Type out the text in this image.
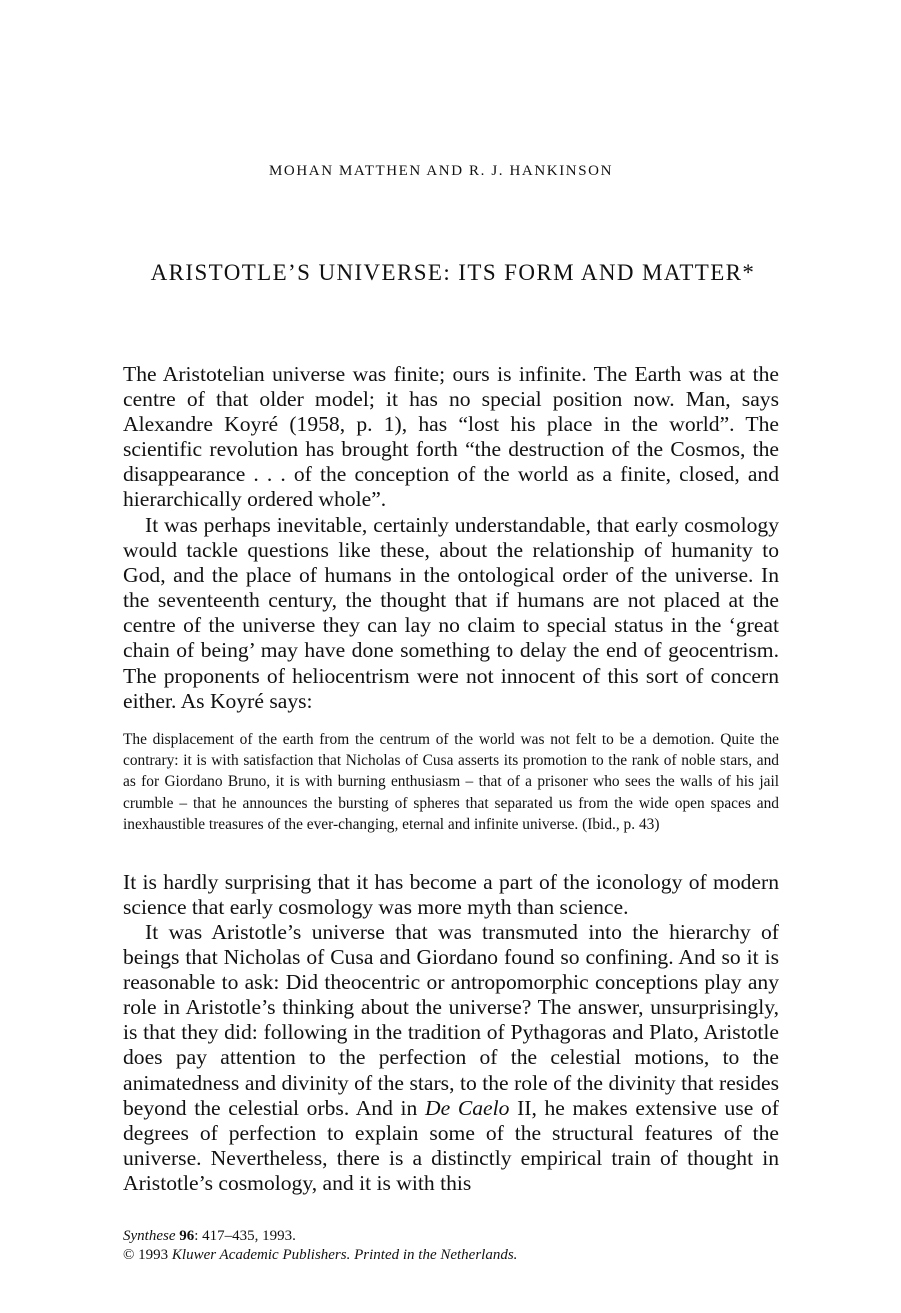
MOHAN MATTHEN AND R. J. HANKINSON
ARISTOTLE’S UNIVERSE: ITS FORM AND MATTER*

The Aristotelian universe was finite; ours is infinite. The Earth was at the centre of that older model; it has no special position now. Man, says Alexandre Koyré (1958, p. 1), has “lost his place in the world”. The scientific revolution has brought forth “the destruction of the Cosmos, the disappearance . . . of the conception of the world as a finite, closed, and hierarchically ordered whole”.

It was perhaps inevitable, certainly understandable, that early cosmology would tackle questions like these, about the relationship of humanity to God, and the place of humans in the ontological order of the universe. In the seventeenth century, the thought that if humans are not placed at the centre of the universe they can lay no claim to special status in the ‘great chain of being’ may have done something to delay the end of geocentrism. The proponents of heliocentrism were not innocent of this sort of concern either. As Koyré says:

The displacement of the earth from the centrum of the world was not felt to be a demotion. Quite the contrary: it is with satisfaction that Nicholas of Cusa asserts its promotion to the rank of noble stars, and as for Giordano Bruno, it is with burning enthusiasm – that of a prisoner who sees the walls of his jail crumble – that he announces the bursting of spheres that separated us from the wide open spaces and inexhaustible treasures of the ever-changing, eternal and infinite universe. (Ibid., p. 43)

It is hardly surprising that it has become a part of the iconology of modern science that early cosmology was more myth than science.

It was Aristotle’s universe that was transmuted into the hierarchy of beings that Nicholas of Cusa and Giordano found so confining. And so it is reasonable to ask: Did theocentric or antropomorphic conceptions play any role in Aristotle’s thinking about the universe? The answer, unsurprisingly, is that they did: following in the tradition of Pythagoras and Plato, Aristotle does pay attention to the perfection of the celestial motions, to the animatedness and divinity of the stars, to the role of the divinity that resides beyond the celestial orbs. And in De Caelo II, he makes extensive use of degrees of perfection to explain some of the structural features of the universe. Nevertheless, there is a distinctly empirical train of thought in Aristotle’s cosmology, and it is with this

Synthese 96: 417–435, 1993.
© 1993 Kluwer Academic Publishers. Printed in the Netherlands.
